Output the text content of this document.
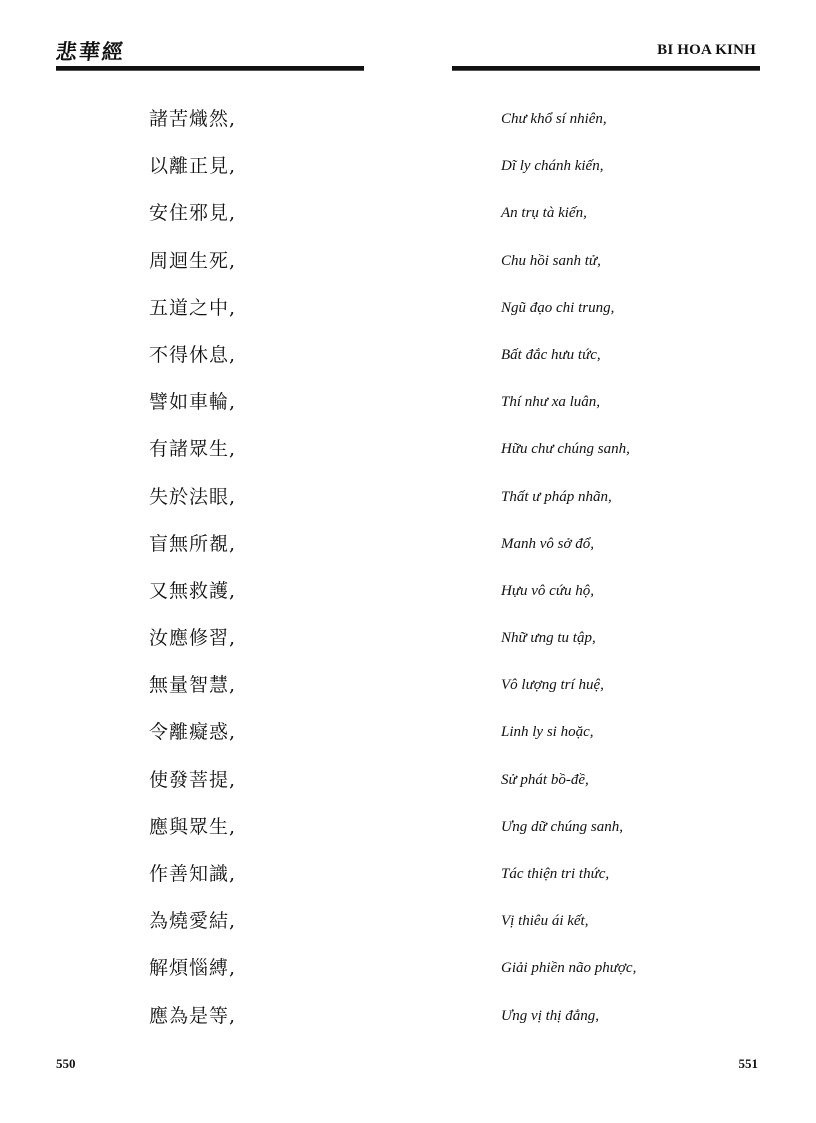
悲華經
諸苦熾然,
以離正見,
安住邪見,
周迴生死,
五道之中,
不得休息,
譬如車輪,
有諸眾生,
失於法眼,
盲無所覩,
又無救護,
汝應修習,
無量智慧,
令離癡惑,
使發菩提,
應與眾生,
作善知識,
為燒愛結,
解煩惱縛,
應為是等,
550
BI HOA KINH
Chư khổ sí nhiên,
Dĩ ly chánh kiến,
An trụ tà kiến,
Chu hồi sanh tử,
Ngũ đạo chi trung,
Bất đắc hưu tức,
Thí như xa luân,
Hữu chư chúng sanh,
Thất ư pháp nhãn,
Manh vô sở đổ,
Hựu vô cứu hộ,
Nhữ ưng tu tập,
Vô lượng trí huệ,
Linh ly si hoặc,
Sử phát bồ-đề,
Ưng dữ chúng sanh,
Tác thiện tri thức,
Vị thiêu ái kết,
Giải phiền não phược,
Ưng vị thị đẳng,
551
